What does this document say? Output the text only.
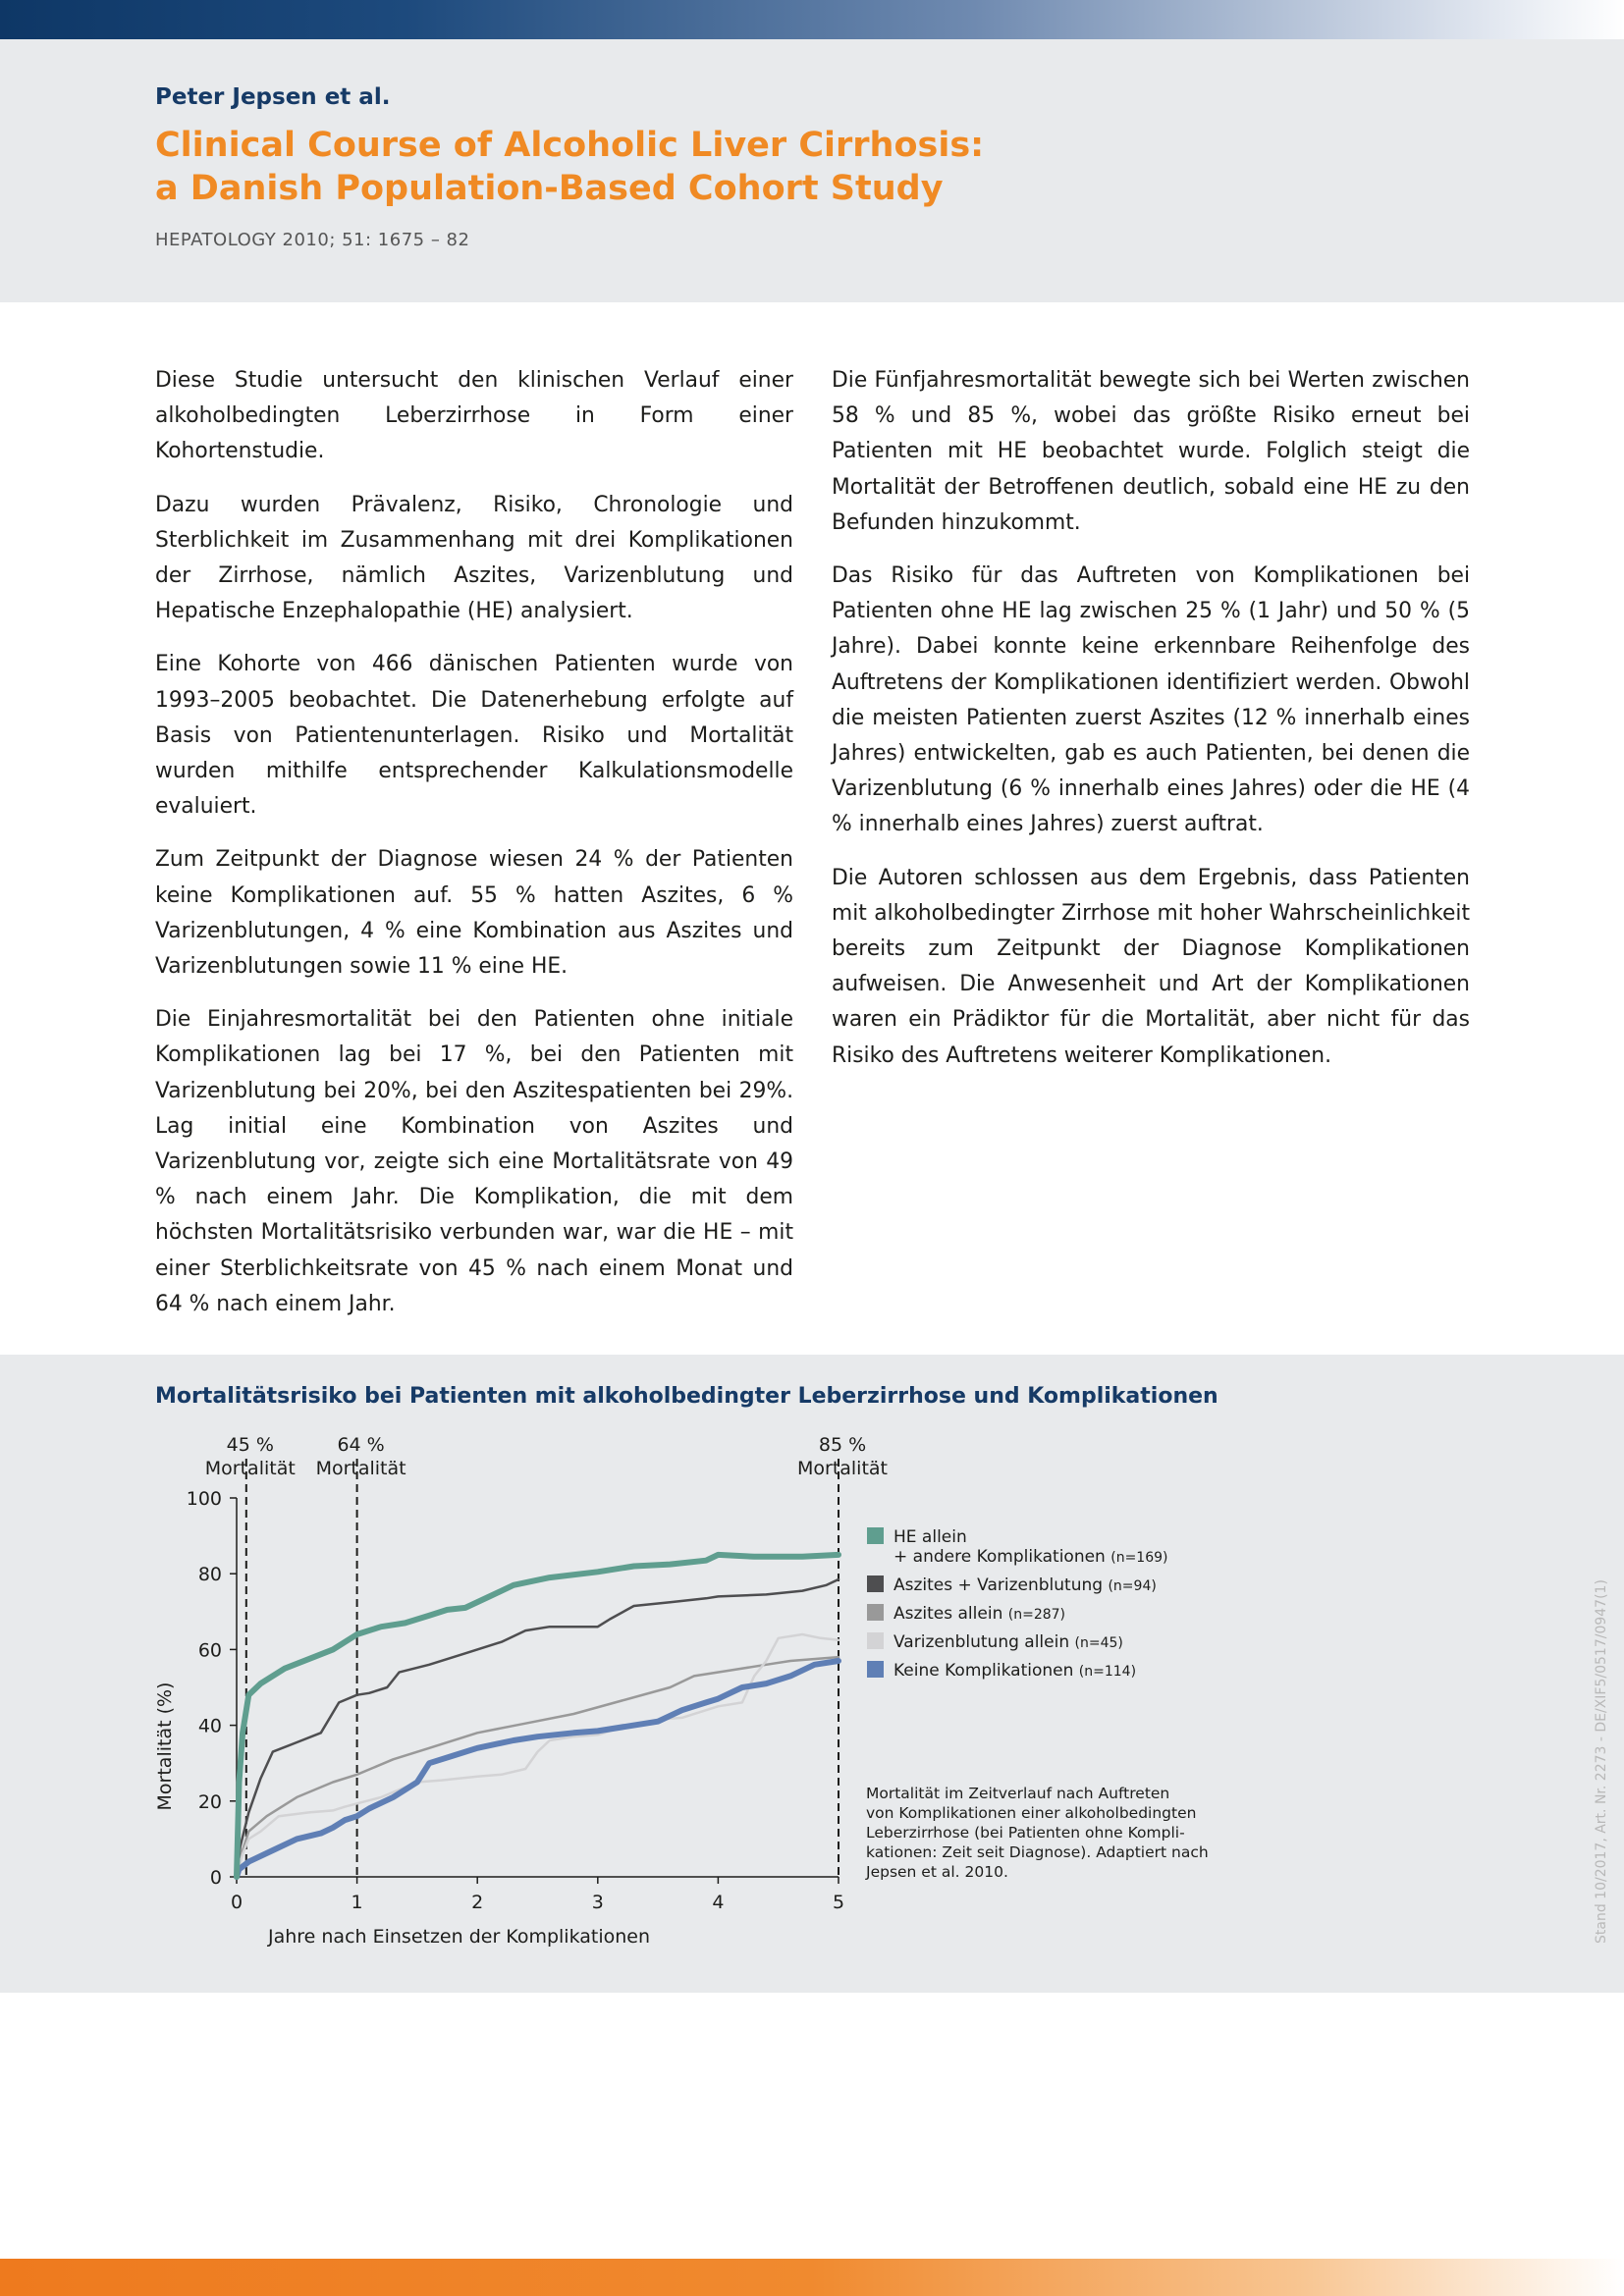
Peter Jepsen et al.
Clinical Course of Alcoholic Liver Cirrhosis:
a Danish Population-Based Cohort Study
HEPATOLOGY 2010; 51: 1675 – 82

Diese Studie untersucht den klinischen Verlauf einer alkoholbedingten Leberzirrhose in Form einer Kohortenstudie.

Dazu wurden Prävalenz, Risiko, Chronologie und Sterblichkeit im Zusammenhang mit drei Komplikationen der Zirrhose, nämlich Aszites, Varizenblutung und Hepatische Enzephalopathie (HE) analysiert.

Eine Kohorte von 466 dänischen Patienten wurde von 1993–2005 beobachtet. Die Datenerhebung erfolgte auf Basis von Patientenunterlagen. Risiko und Mortalität wurden mithilfe entsprechender Kalkulationsmodelle evaluiert.

Zum Zeitpunkt der Diagnose wiesen 24 % der Patienten keine Komplikationen auf. 55 % hatten Aszites, 6 % Varizenblutungen, 4 % eine Kombination aus Aszites und Varizenblutungen sowie 11 % eine HE.

Die Einjahresmortalität bei den Patienten ohne initiale Komplikationen lag bei 17 %, bei den Patienten mit Varizenblutung bei 20%, bei den Aszitespatienten bei 29%. Lag initial eine Kombination von Aszites und Varizenblutung vor, zeigte sich eine Mortalitätsrate von 49 % nach einem Jahr. Die Komplikation, die mit dem höchsten Mortalitätsrisiko verbunden war, war die HE – mit einer Sterblichkeitsrate von 45 % nach einem Monat und 64 % nach einem Jahr.

Die Fünfjahresmortalität bewegte sich bei Werten zwischen 58 % und 85 %, wobei das größte Risiko erneut bei Patienten mit HE beobachtet wurde. Folglich steigt die Mortalität der Betroffenen deutlich, sobald eine HE zu den Befunden hinzukommt.

Das Risiko für das Auftreten von Komplikationen bei Patienten ohne HE lag zwischen 25 % (1 Jahr) und 50 % (5 Jahre). Dabei konnte keine erkennbare Reihenfolge des Auftretens der Komplikationen identifiziert werden. Obwohl die meisten Patienten zuerst Aszites (12 % innerhalb eines Jahres) entwickelten, gab es auch Patienten, bei denen die Varizenblutung (6 % innerhalb eines Jahres) oder die HE (4 % innerhalb eines Jahres) zuerst auftrat.

Die Autoren schlossen aus dem Ergebnis, dass Patienten mit alkoholbedingter Zirrhose mit hoher Wahrscheinlichkeit bereits zum Zeitpunkt der Diagnose Komplikationen aufweisen. Die Anwesenheit und Art der Komplikationen waren ein Prädiktor für die Mortalität, aber nicht für das Risiko des Auftretens weiterer Komplikationen.

Mortalitätsrisiko bei Patienten mit alkoholbedingter Leberzirrhose und Komplikationen
0
20
40
60
80
100
0	1	2	3	4	5
Jahre nach Einsetzen der Komplikationen
Mortalität (%)
45 %
Mortalität
64 %
Mortalität
85 %
Mortalität
HE allein
+ andere Komplikationen (n=169)
Aszites + Varizenblutung (n=94)
Aszites allein (n=287)
Varizenblutung allein (n=45)
Keine Komplikationen (n=114)
Mortalität im Zeitverlauf nach Auftreten
von Komplikationen einer alkoholbedingten
Leberzirrhose (bei Patienten ohne Kompli-
kationen: Zeit seit Diagnose). Adaptiert nach
Jepsen et al. 2010.	Stand 10/2017, Art. Nr. 2273 - DE/XIF5/0517/0947(1)
